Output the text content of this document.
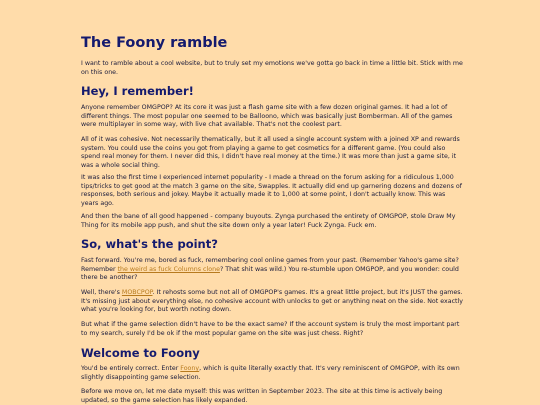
The Foony ramble

I want to ramble about a cool website, but to truly set my emotions we've gotta go back in time a little bit. Stick with me on this one.

Hey, I remember!

Anyone remember OMGPOP? At its core it was just a flash game site with a few dozen original games. It had a lot of different things. The most popular one seemed to be Balloono, which was basically just Bomberman. All of the games were multiplayer in some way, with live chat available. That's not the coolest part.

All of it was cohesive. Not necessarily thematically, but it all used a single account system with a joined XP and rewards system. You could use the coins you got from playing a game to get cosmetics for a different game. (You could also spend real money for them. I never did this, I didn't have real money at the time.) It was more than just a game site, it was a whole social thing.

It was also the first time I experienced internet popularity - I made a thread on the forum asking for a ridiculous 1,000 tips/tricks to get good at the match 3 game on the site, Swapples. It actually did end up garnering dozens and dozens of responses, both serious and jokey. Maybe it actually made it to 1,000 at some point, I don't actually know. This was years ago.

And then the bane of all good happened - company buyouts. Zynga purchased the entirety of OMGPOP, stole Draw My Thing for its mobile app push, and shut the site down only a year later! Fuck Zynga. Fuck em.

So, what's the point?

Fast forward. You're me, bored as fuck, remembering cool online games from your past. (Remember Yahoo's game site? Remember the weird as fuck Columns clone? That shit was wild.) You re-stumble upon OMGPOP, and you wonder: could there be another?

Well, there's MOBCPOP. It rehosts some but not all of OMGPOP's games. It's a great little project, but it's JUST the games. It's missing just about everything else, no cohesive account with unlocks to get or anything neat on the side. Not exactly what you're looking for, but worth noting down.

But what if the game selection didn't have to be the exact same? If the account system is truly the most important part to my search, surely I'd be ok if the most popular game on the site was just chess. Right?

Welcome to Foony

You'd be entirely correct. Enter Foony, which is quite literally exactly that. It's very reminiscent of OMGPOP, with its own slightly disappointing game selection.

Before we move on, let me date myself: this was written in September 2023. The site at this time is actively being updated, so the game selection has likely expanded.
